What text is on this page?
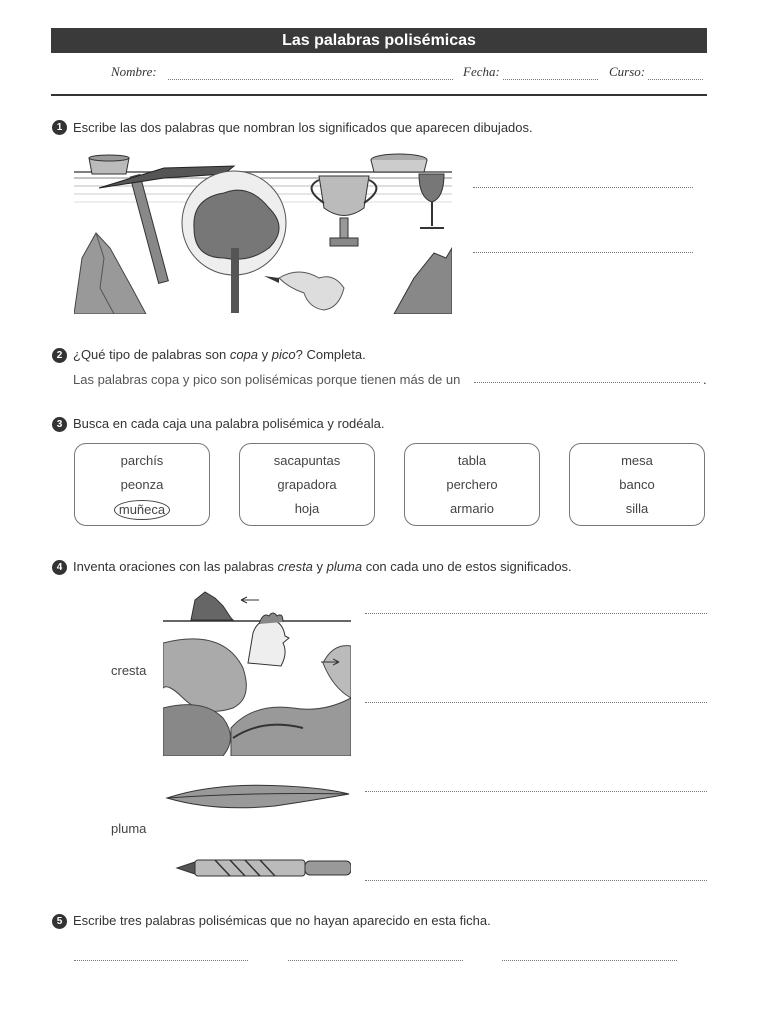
Las palabras polisémicas
Nombre:	Fecha:	Curso:
1 Escribe las dos palabras que nombran los significados que aparecen dibujados.
2 ¿Qué tipo de palabras son copa y pico? Completa.
Las palabras copa y pico son polisémicas porque tienen más de un	.
3 Busca en cada caja una palabra polisémica y rodéala.
parchís
peonza
muñeca
sacapuntas
grapadora
hoja
tabla
perchero
armario
mesa
banco
silla
4 Inventa oraciones con las palabras cresta y pluma con cada uno de estos significados.
cresta
pluma
5 Escribe tres palabras polisémicas que no hayan aparecido en esta ficha.
